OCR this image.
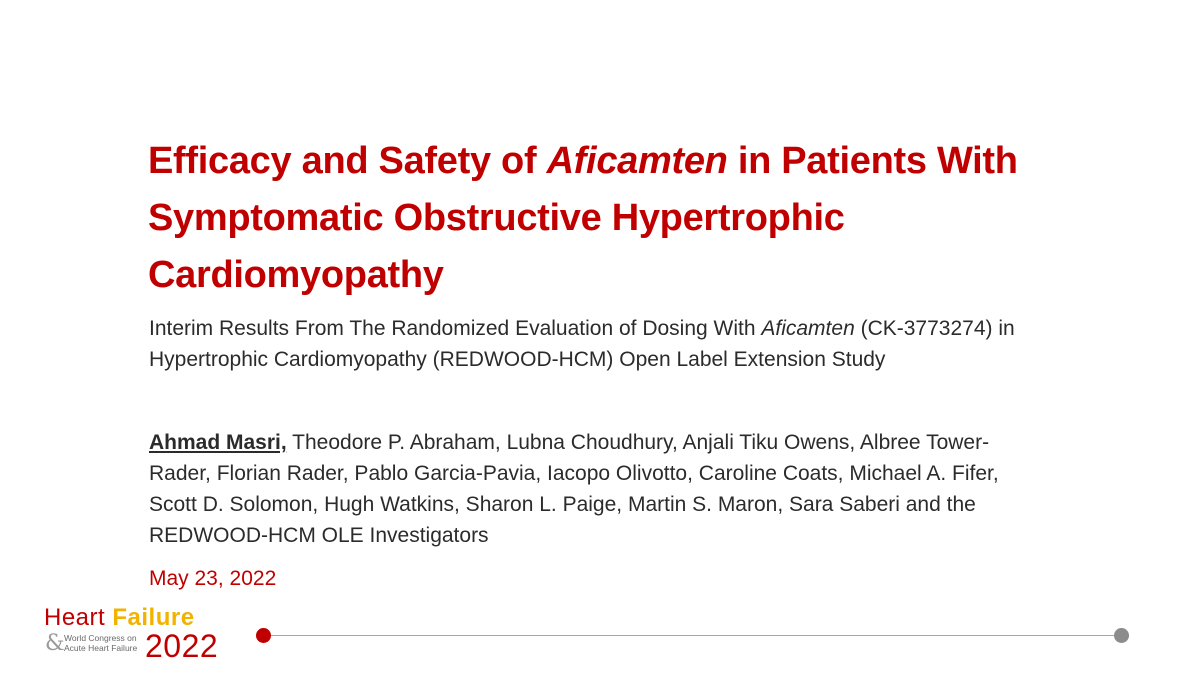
Efficacy and Safety of Aficamten in Patients With Symptomatic Obstructive Hypertrophic Cardiomyopathy

Interim Results From The Randomized Evaluation of Dosing With Aficamten (CK-3773274) in Hypertrophic Cardiomyopathy (REDWOOD-HCM) Open Label Extension Study

Ahmad Masri, Theodore P. Abraham, Lubna Choudhury, Anjali Tiku Owens, Albree Tower-Rader, Florian Rader, Pablo Garcia-Pavia, Iacopo Olivotto, Caroline Coats, Michael A. Fifer, Scott D. Solomon, Hugh Watkins, Sharon L. Paige, Martin S. Maron, Sara Saberi and the REDWOOD-HCM OLE Investigators

May 23, 2022

Heart Failure
& World Congress on
Acute Heart Failure 2022
